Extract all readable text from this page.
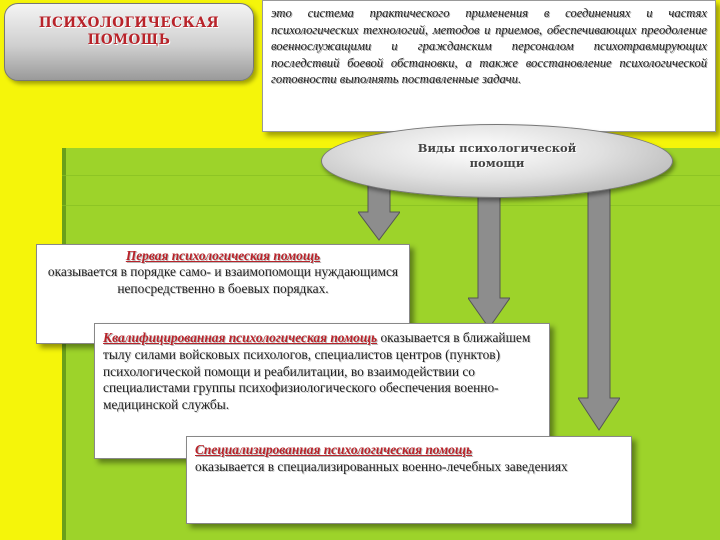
ПСИХОЛОГИЧЕСКАЯ ПОМОЩЬ
это система практического применения в соединениях и частях психологических технологий, методов и приемов, обеспечивающих преодоление военнослужащими и гражданским персоналом психотравмирующих последствий боевой обстановки, а также восстановление психологической готовности выполнять поставленные задачи.
Виды психологической помощи
Первая психологическая помощь
оказывается в порядке само- и взаимопомощи нуждающимся непосредственно в боевых порядках.
Квалифицированная психологическая помощь оказывается в ближайшем тылу силами войсковых психологов, специалистов центров (пунктов) психологической помощи и реабилитации, во взаимодействии со специалистами группы психофизиологического обеспечения военно-медицинской службы.
Специализированная психологическая помощь
оказывается в специализированных военно-лечебных заведениях
